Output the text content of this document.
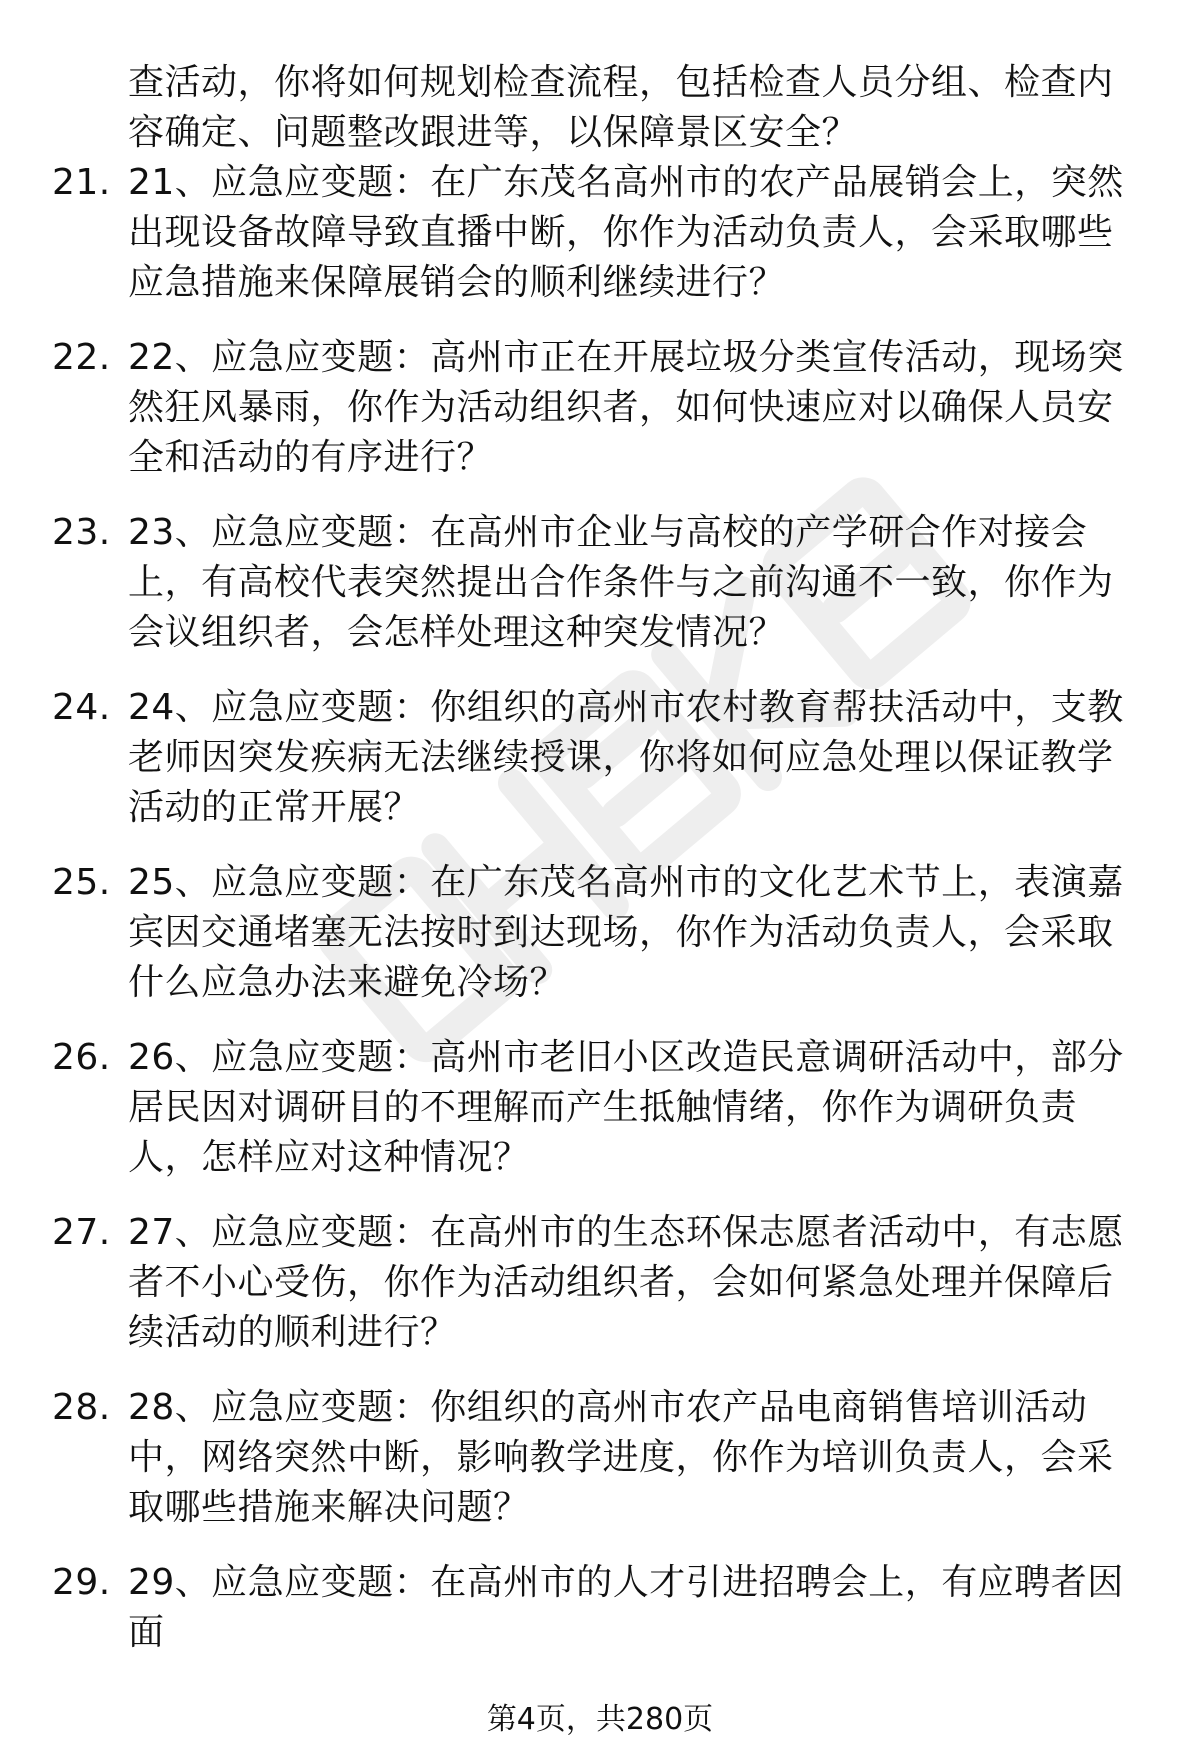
查活动，你将如何规划检查流程，包括检查人员分组、检查内容确定、问题整改跟进等，以保障景区安全？
21. 21、应急应变题：在广东茂名高州市的农产品展销会上，突然出现设备故障导致直播中断，你作为活动负责人，会采取哪些应急措施来保障展销会的顺利继续进行？
22. 22、应急应变题：高州市正在开展垃圾分类宣传活动，现场突然狂风暴雨，你作为活动组织者，如何快速应对以确保人员安全和活动的有序进行？
23. 23、应急应变题：在高州市企业与高校的产学研合作对接会上，有高校代表突然提出合作条件与之前沟通不一致，你作为会议组织者，会怎样处理这种突发情况？
24. 24、应急应变题：你组织的高州市农村教育帮扶活动中，支教老师因突发疾病无法继续授课，你将如何应急处理以保证教学活动的正常开展？
25. 25、应急应变题：在广东茂名高州市的文化艺术节上，表演嘉宾因交通堵塞无法按时到达现场，你作为活动负责人，会采取什么应急办法来避免冷场？
26. 26、应急应变题：高州市老旧小区改造民意调研活动中，部分居民因对调研目的不理解而产生抵触情绪，你作为调研负责人，怎样应对这种情况？
27. 27、应急应变题：在高州市的生态环保志愿者活动中，有志愿者不小心受伤，你作为活动组织者，会如何紧急处理并保障后续活动的顺利进行？
28. 28、应急应变题：你组织的高州市农产品电商销售培训活动中，网络突然中断，影响教学进度，你作为培训负责人，会采取哪些措施来解决问题？
29. 29、应急应变题：在高州市的人才引进招聘会上，有应聘者因面
第4页，共280页
